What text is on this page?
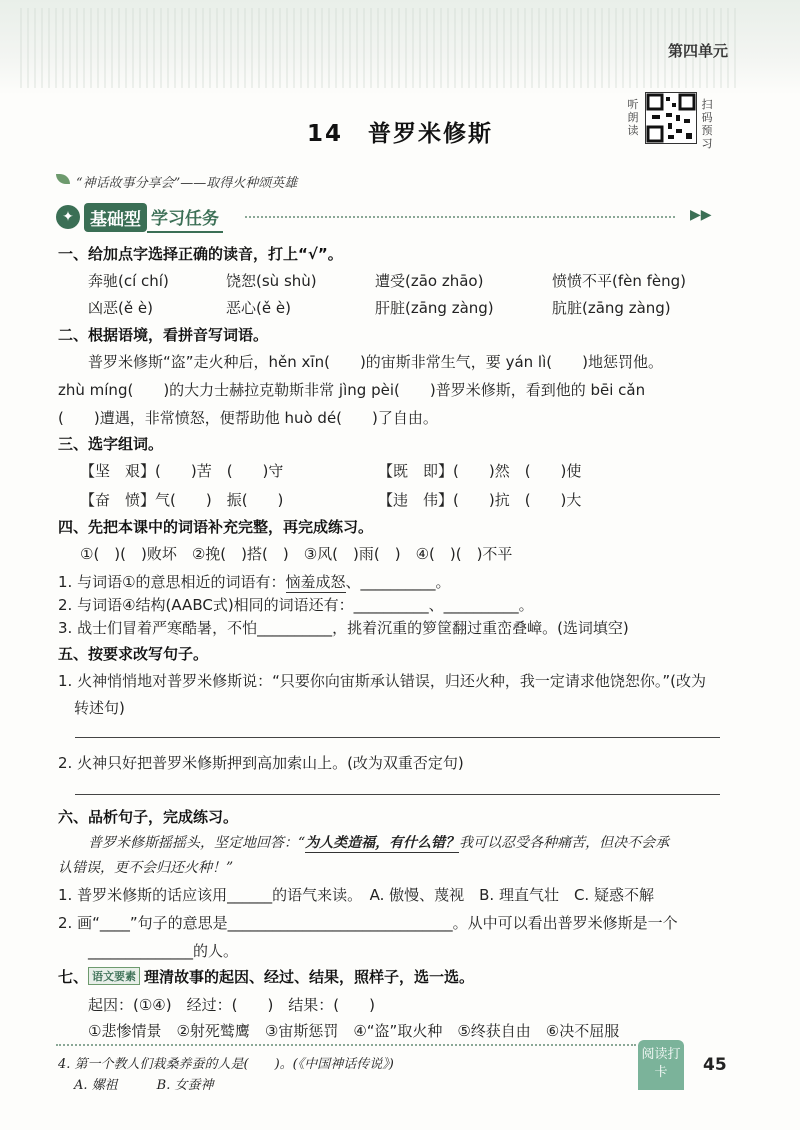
第四单元
听朗读
扫码预习
14　普罗米修斯
“神话故事分享会”——取得火种颂英雄
✦ 基础型 学习任务	▶▶
一、给加点字选择正确的读音，打上“√”。
奔驰(cí chí)	饶恕(sù shù)	遭受(zāo zhāo)	愤愤不平(fèn fèng)
凶恶(ě è)	恶心(ě è)	肝脏(zāng zàng)	肮脏(zāng zàng)
二、根据语境，看拼音写词语。
普罗米修斯“盗”走火种后，hěn xīn(　　)的宙斯非常生气，要 yán lì(　　)地惩罚他。
zhù míng(　　)的大力士赫拉克勒斯非常 jìng pèi(　　)普罗米修斯，看到他的 bēi cǎn
(　　)遭遇，非常愤怒，便帮助他 huò dé(　　)了自由。
三、选字组词。
【坚　艰】(　　)苦　(　　)守	【既　即】(　　)然　(　　)使
【奋　愤】气(　　)　振(　　)	【违　伟】(　　)抗　(　　)大
四、先把本课中的词语补充完整，再完成练习。
①(　)(　)败坏　②挽(　)搭(　)　③风(　)雨(　)　④(　)(　)不平
1. 与词语①的意思相近的词语有：恼羞成怒、__________。
2. 与词语④结构(AABC式)相同的词语还有：__________、__________。
3. 战士们冒着严寒酷暑，不怕__________，挑着沉重的箩筐翻过重峦叠嶂。(选词填空)
五、按要求改写句子。
1. 火神悄悄地对普罗米修斯说：“只要你向宙斯承认错误，归还火种，我一定请求他饶恕你。”(改为
转述句)
2. 火神只好把普罗米修斯押到高加索山上。(改为双重否定句)
六、品析句子，完成练习。
普罗米修斯摇摇头，坚定地回答：“为人类造福，有什么错？我可以忍受各种痛苦，但决不会承
认错误，更不会归还火种！”
1. 普罗米修斯的话应该用______的语气来读。　A. 傲慢、蔑视　B. 理直气壮　C. 疑惑不解
2. 画“____”句子的意思是______________________________。从中可以看出普罗米修斯是一个
______________的人。
七、 语文要素 理清故事的起因、经过、结果，照样子，选一选。
起因：(①④)　经过：(　　)　结果：(　　)
①悲惨情景　②射死鹫鹰　③宙斯惩罚　④“盗”取火种　⑤终获自由　⑥决不屈服
4. 第一个教人们栽桑养蚕的人是(　　)。(《中国神话传说》)
A. 嫘祖　　　B. 女蚕神
阅读打卡	45
